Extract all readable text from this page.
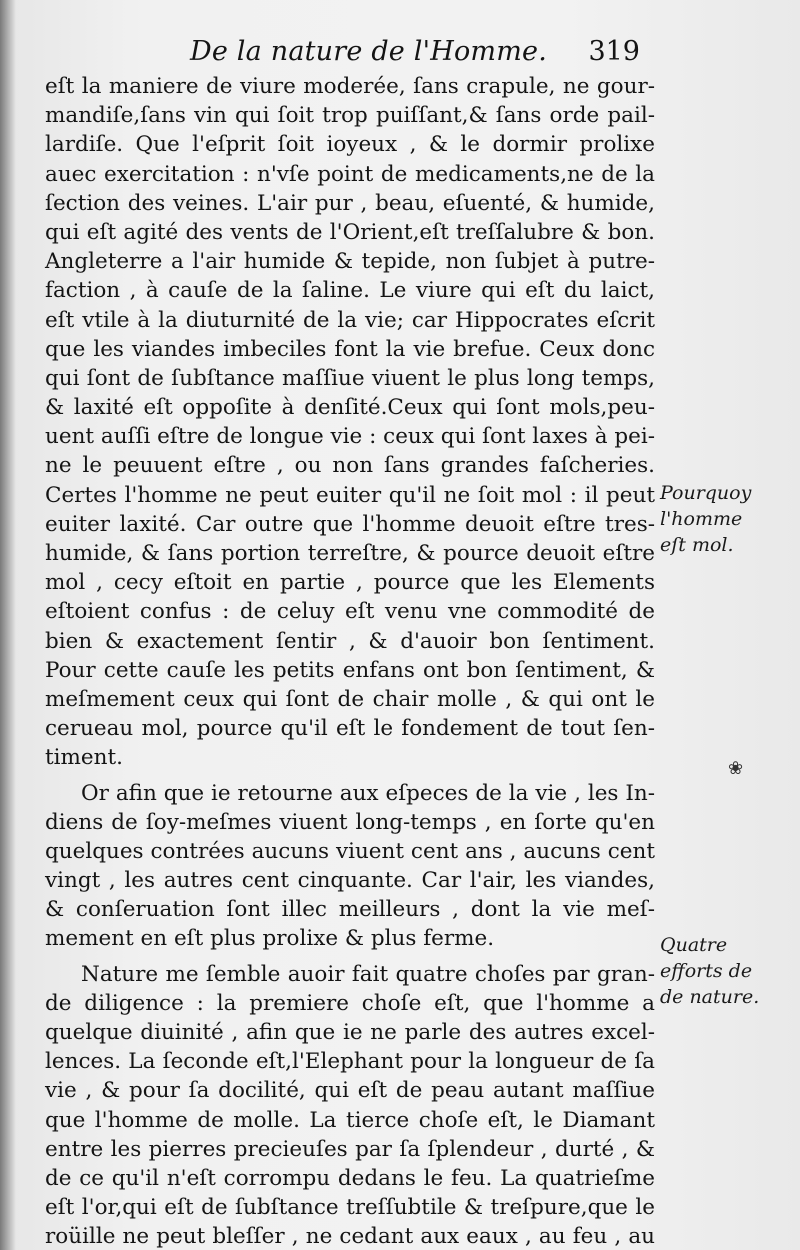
De la nature de l'Homme. 319
eſt la maniere de viure moderée, ſans crapule, ne gour-
mandiſe,ſans vin qui ſoit trop puiſſant,& ſans orde pail-
lardiſe. Que l'eſprit ſoit ioyeux , & le dormir prolixe
auec exercitation : n'vſe point de medicaments,ne de la
ſection des veines. L'air pur , beau, eſuenté, & humide,
qui eſt agité des vents de l'Orient,eſt treſſalubre & bon.
Angleterre a l'air humide & tepide, non ſubjet à putre-
faction , à cauſe de la ſaline. Le viure qui eſt du laict,
eſt vtile à la diuturnité de la vie; car Hippocrates eſcrit
que les viandes imbeciles font la vie brefue. Ceux donc
qui ſont de ſubſtance maſſiue viuent le plus long temps,
& laxité eſt oppoſite à denſité.Ceux qui ſont mols,peu-
uent auſſi eſtre de longue vie : ceux qui ſont laxes à pei-
ne le peuuent eſtre , ou non ſans grandes faſcheries.
Certes l'homme ne peut euiter qu'il ne ſoit mol : il peut
euiter laxité. Car outre que l'homme deuoit eſtre tres-
humide, & ſans portion terreſtre, & pource deuoit eſtre
mol , cecy eſtoit en partie , pource que les Elements
eſtoient confus : de celuy eſt venu vne commodité de
bien & exactement ſentir , & d'auoir bon ſentiment.
Pour cette cauſe les petits enfans ont bon ſentiment, &
meſmement ceux qui ſont de chair molle , & qui ont le
cerueau mol, pource qu'il eſt le fondement de tout ſen-
timent.
Or afin que ie retourne aux eſpeces de la vie , les In-
diens de ſoy-meſmes viuent long-temps , en ſorte qu'en
quelques contrées aucuns viuent cent ans , aucuns cent
vingt , les autres cent cinquante. Car l'air, les viandes,
& conſeruation ſont illec meilleurs , dont la vie meſ-
mement en eſt plus prolixe & plus ferme.
Nature me ſemble auoir fait quatre choſes par gran-
de diligence : la premiere choſe eſt, que l'homme a
quelque diuinité , afin que ie ne parle des autres excel-
lences. La ſeconde eſt,l'Elephant pour la longueur de ſa
vie , & pour ſa docilité, qui eſt de peau autant maſſiue
que l'homme de molle. La tierce choſe eſt, le Diamant
entre les pierres precieuſes par ſa ſplendeur , durté , &
de ce qu'il n'eſt corrompu dedans le feu. La quatrieſme
eſt l'or,qui eſt de ſubſtance treſſubtile & treſpure,que le
roüille ne peut bleſſer , ne cedant aux eaux , au feu , au
Pourquoy
l'homme
eſt mol.
❀
Quatre
efforts de
de nature.
